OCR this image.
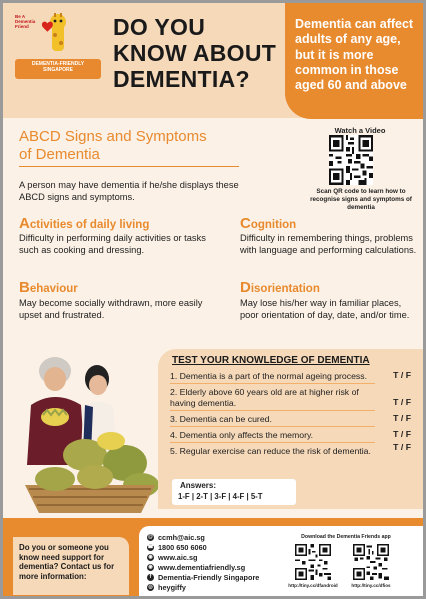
Be A Dementia Friend
DEMENTIA-FRIENDLY SINGAPORE
DO YOU KNOW ABOUT DEMENTIA?

Dementia can affect adults of any age, but it is more common in those aged 60 and above

ABCD Signs and Symptoms of Dementia
A person may have dementia if he/she displays these ABCD signs and symptoms.
Watch a Video
Scan QR code to learn how to recognise signs and symptoms of dementia
Activities of daily living
Difficulty in performing daily activities or tasks such as cooking and dressing.
Cognition
Difficulty in remembering things, problems with language and performing calculations.
Behaviour
May become socially withdrawn, more easily upset and frustrated.
Disorientation
May lose his/her way in familiar places, poor orientation of day, date, and/or time.
TEST YOUR KNOWLEDGE OF DEMENTIA
1. Dementia is a part of the normal ageing process.	T / F
2. Elderly above 60 years old are at higher risk of having dementia.	T / F
3. Dementia can be cured.	T / F
4. Dementia only affects the memory.	T / F
5. Regular exercise can reduce the risk of dementia.	T / F
Answers:
1-F | 2-T | 3-F | 4-F | 5-T

Do you or someone you know need support for dementia? Contact us for more information:

@ ccmh@aic.sg
☎ 1800 650 6060
◉ www.aic.sg
◉ www.dementiafriendly.sg
f Dementia-Friendly Singapore
◎ heygiffy
Download the Dementia Friends app
http://tiny.cc/dfandroid	http://tiny.cc/dfios
